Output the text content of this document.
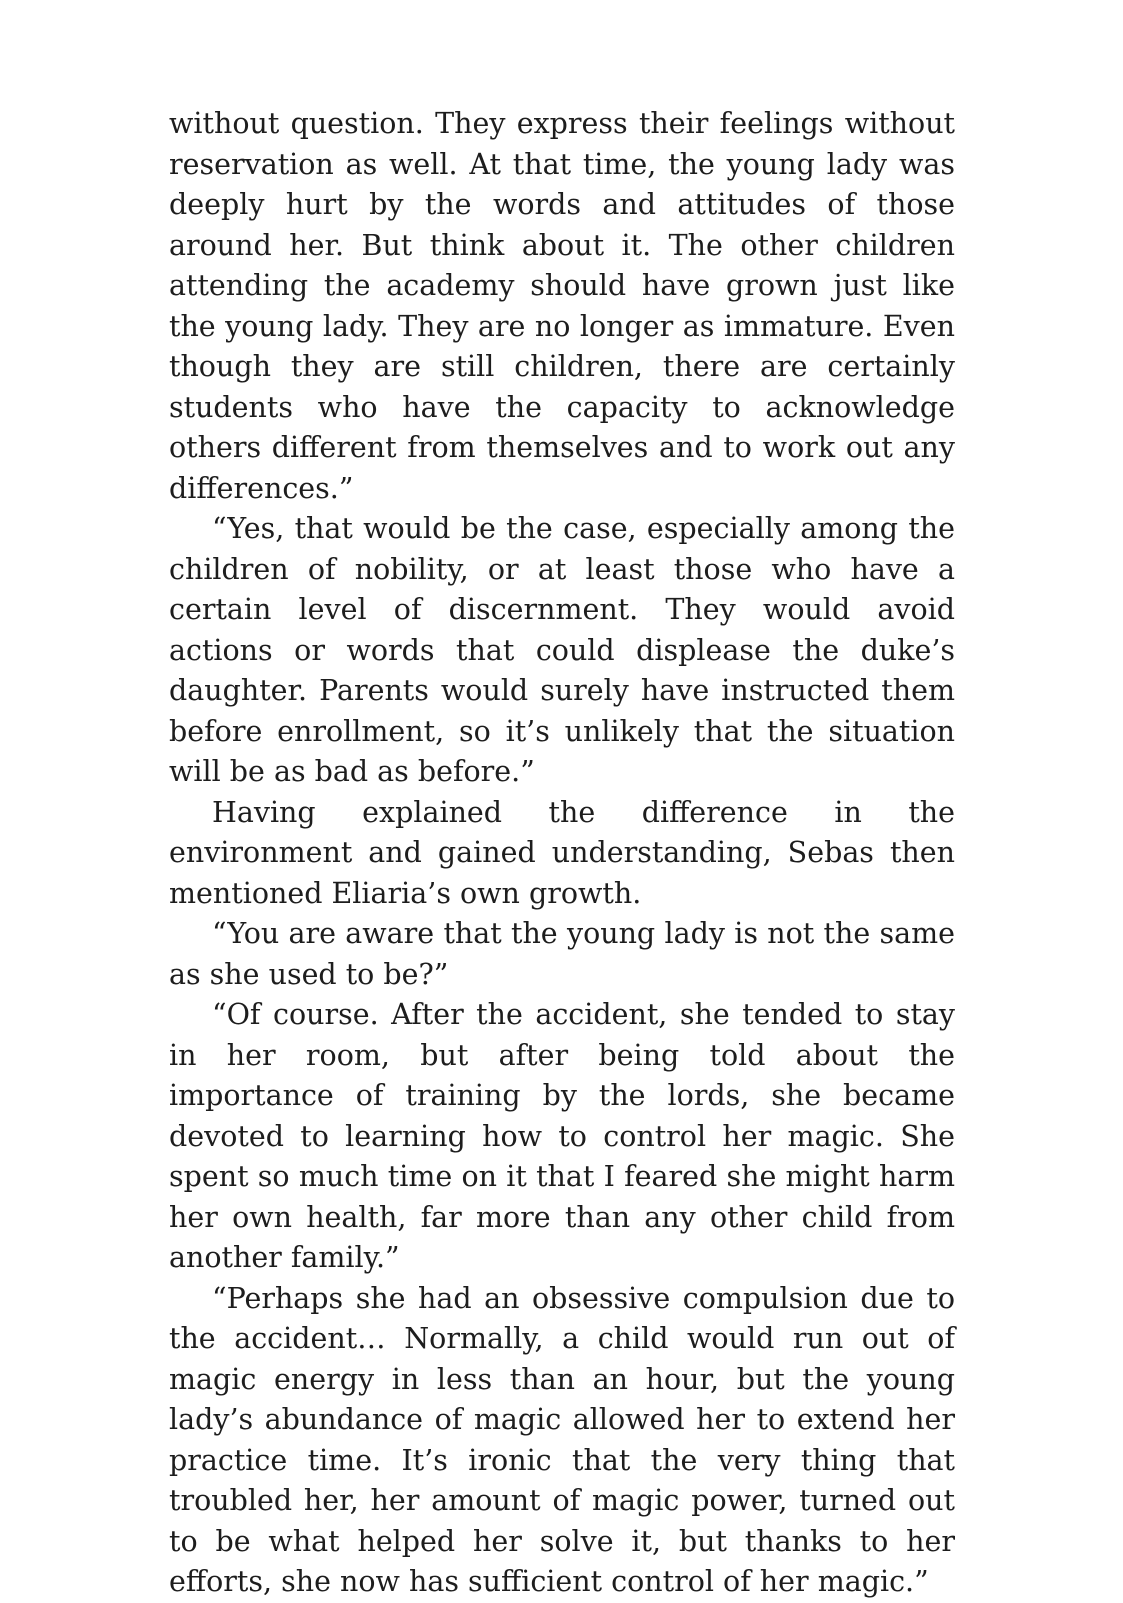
without question. They express their feelings without reservation as well. At that time, the young lady was deeply hurt by the words and attitudes of those around her. But think about it. The other children attending the academy should have grown just like the young lady. They are no longer as immature. Even though they are still children, there are certainly students who have the capacity to acknowledge others different from themselves and to work out any differences.”

“Yes, that would be the case, especially among the children of nobility, or at least those who have a certain level of discernment. They would avoid actions or words that could displease the duke’s daughter. Parents would surely have instructed them before enrollment, so it’s unlikely that the situation will be as bad as before.”

Having explained the difference in the environment and gained understanding, Sebas then mentioned Eliaria’s own growth.

“You are aware that the young lady is not the same as she used to be?”

“Of course. After the accident, she tended to stay in her room, but after being told about the importance of training by the lords, she became devoted to learning how to control her magic. She spent so much time on it that I feared she might harm her own health, far more than any other child from another family.”

“Perhaps she had an obsessive compulsion due to the accident… Normally, a child would run out of magic energy in less than an hour, but the young lady’s abundance of magic allowed her to extend her practice time. It’s ironic that the very thing that troubled her, her amount of magic power, turned out to be what helped her solve it, but thanks to her efforts, she now has sufficient control of her magic.”
